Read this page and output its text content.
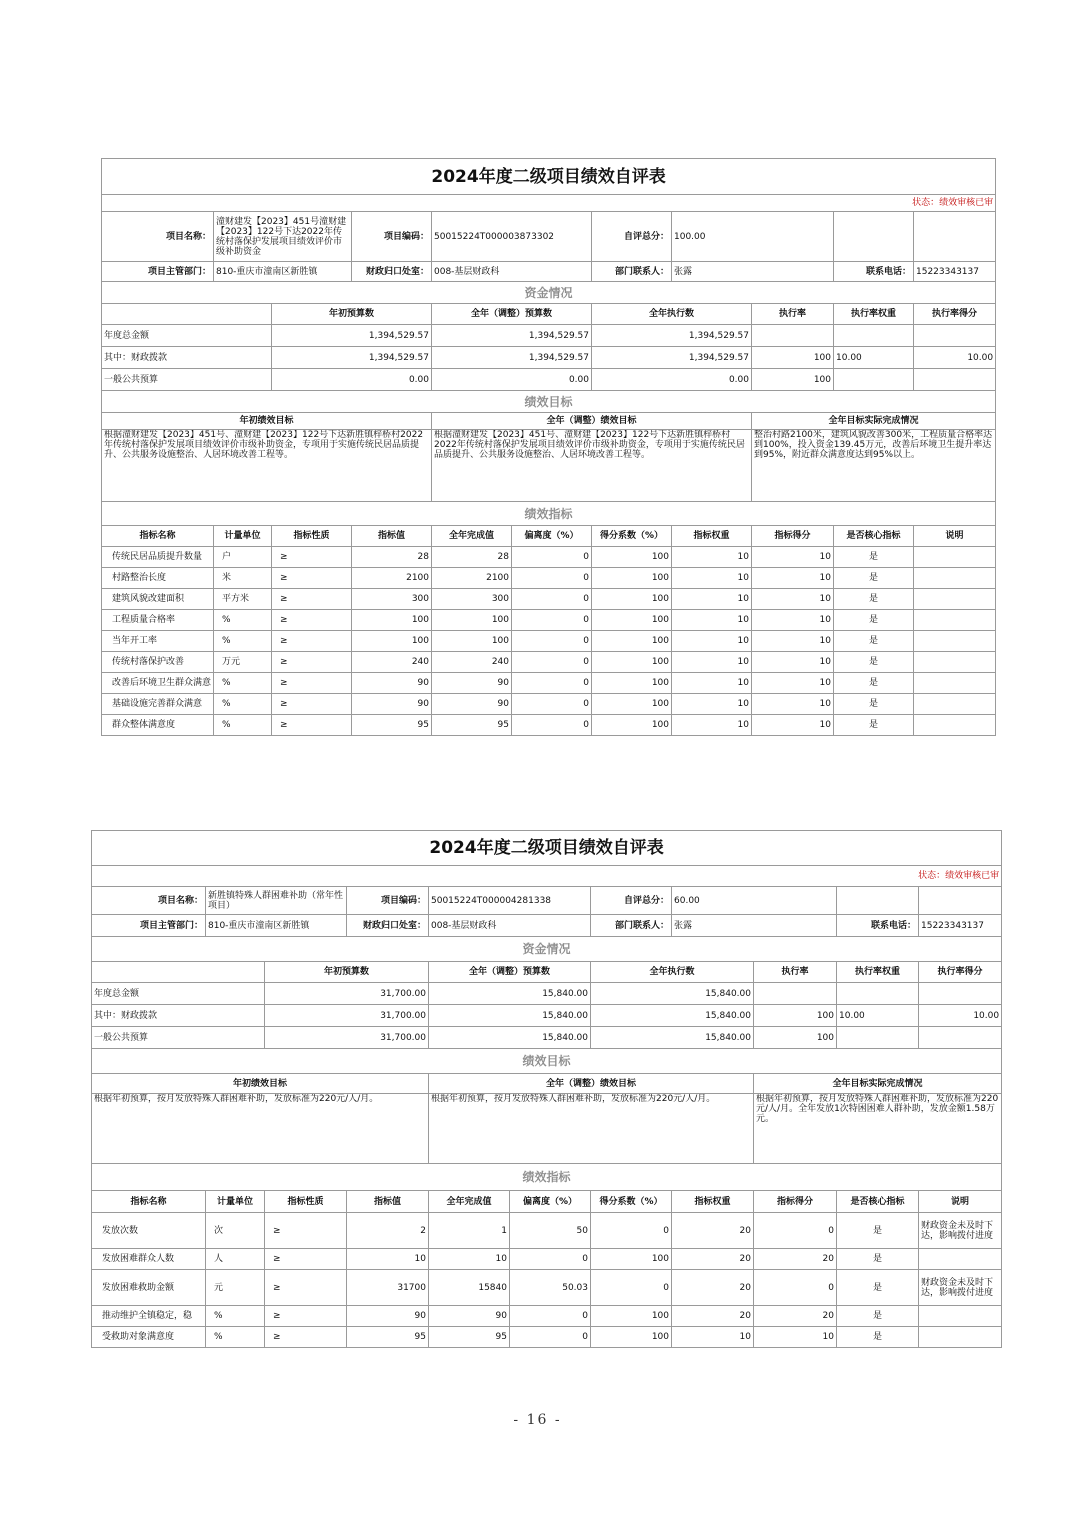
2024年度二级项目绩效自评表										
状态：绩效审核已审										
项目名称：	潼财建发【2023】451号潼财建【2023】122号下达2022年传统村落保护发展项目绩效评价市级补助资金		项目编码：	50015224T000003873302		自评总分：	100.00			
项目主管部门：	810-重庆市潼南区新胜镇		财政归口处室：	008-基层财政科		部门联系人：	张露		联系电话：	15223343137
资金情况										
		年初预算数		全年（调整）预算数		全年执行数		执行率	执行率权重	执行率得分
年度总金额		1,394,529.57		1,394,529.57		1,394,529.57				
其中：财政拨款		1,394,529.57		1,394,529.57		1,394,529.57		100	10.00	10.00
一般公共预算		0.00		0.00		0.00		100		
绩效目标										
年初绩效目标				全年（调整）绩效目标				全年目标实际完成情况		
根据潼财建发【2023】451号、潼财建【2023】122号下达新胜镇梓桥村2022年传统村落保护发展项目绩效评价市级补助资金，专项用于实施传统民居品质提升、公共服务设施整治、人居环境改善工程等。				根据潼财建发【2023】451号、潼财建【2023】122号下达新胜镇梓桥村2022年传统村落保护发展项目绩效评价市级补助资金，专项用于实施传统民居品质提升、公共服务设施整治、人居环境改善工程等。				整治村路2100米，建筑风貌改善300米，工程质量合格率达到100%，投入资金139.45万元，改善后环境卫生提升率达到95%，附近群众满意度达到95%以上。		
绩效指标										
指标名称	计量单位	指标性质	指标值	全年完成值	偏离度（%）	得分系数（%）	指标权重	指标得分	是否核心指标	说明
传统民居品质提升数量	户	≥	28	28	0	100	10	10	是	
村路整治长度	米	≥	2100	2100	0	100	10	10	是	
建筑风貌改建面积	平方米	≥	300	300	0	100	10	10	是	
工程质量合格率	%	≥	100	100	0	100	10	10	是	
当年开工率	%	≥	100	100	0	100	10	10	是	
传统村落保护改善	万元	≥	240	240	0	100	10	10	是	
改善后环境卫生群众满意	%	≥	90	90	0	100	10	10	是	
基础设施完善群众满意	%	≥	90	90	0	100	10	10	是	
群众整体满意度	%	≥	95	95	0	100	10	10	是	
2024年度二级项目绩效自评表										
状态：绩效审核已审										
项目名称：	新胜镇特殊人群困难补助（常年性项目）		项目编码：	50015224T000004281338		自评总分：	60.00			
项目主管部门：	810-重庆市潼南区新胜镇		财政归口处室：	008-基层财政科		部门联系人：	张露		联系电话：	15223343137
资金情况										
		年初预算数		全年（调整）预算数		全年执行数		执行率	执行率权重	执行率得分
年度总金额		31,700.00		15,840.00		15,840.00				
其中：财政拨款		31,700.00		15,840.00		15,840.00		100	10.00	10.00
一般公共预算		31,700.00		15,840.00		15,840.00		100		
绩效目标										
年初绩效目标				全年（调整）绩效目标				全年目标实际完成情况		
根据年初预算，按月发放特殊人群困难补助，发放标准为220元/人/月。				根据年初预算，按月发放特殊人群困难补助，发放标准为220元/人/月。				根据年初预算，按月发放特殊人群困难补助，发放标准为220元/人/月。全年发放1次特困困难人群补助，发放金额1.58万元。		
绩效指标										
指标名称	计量单位	指标性质	指标值	全年完成值	偏离度（%）	得分系数（%）	指标权重	指标得分	是否核心指标	说明
发放次数	次	≥	2	1	50	0	20	0	是	财政资金未及时下达，影响拨付进度
发放困难群众人数	人	≥	10	10	0	100	20	20	是	
发放困难救助金额	元	≥	31700	15840	50.03	0	20	0	是	财政资金未及时下达，影响拨付进度
推动维护全镇稳定，稳	%	≥	90	90	0	100	20	20	是	
受救助对象满意度	%	≥	95	95	0	100	10	10	是	
- 16 -
